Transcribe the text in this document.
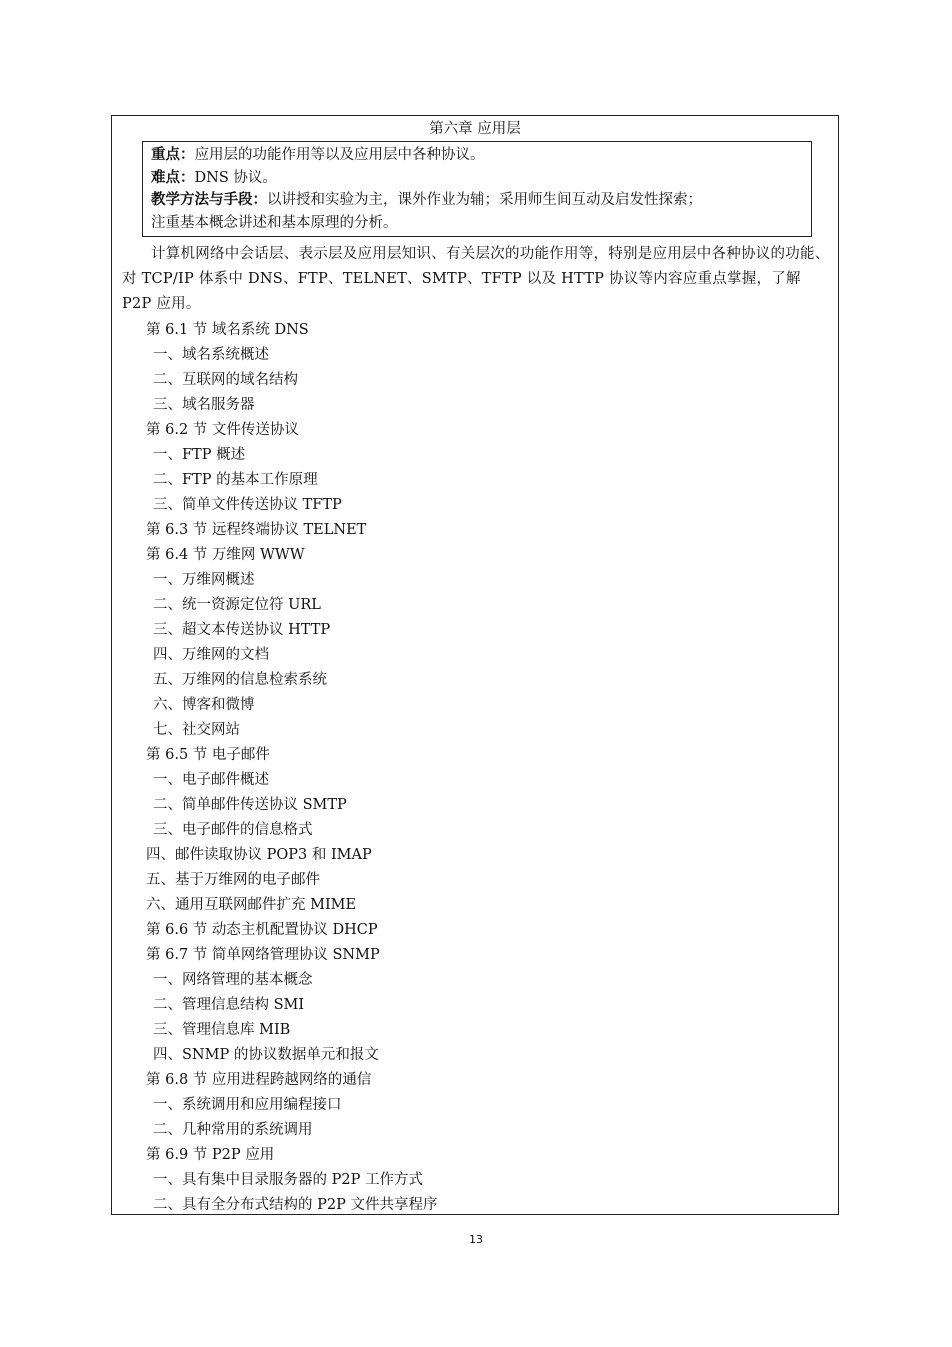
第六章 应用层
重点：应用层的功能作用等以及应用层中各种协议。
难点：DNS 协议。
教学方法与手段：以讲授和实验为主，课外作业为辅；采用师生间互动及启发性探索；
注重基本概念讲述和基本原理的分析。
计算机网络中会话层、表示层及应用层知识、有关层次的功能作用等，特别是应用层中各种协议的功能、对 TCP/IP 体系中 DNS、FTP、TELNET、SMTP、TFTP 以及 HTTP 协议等内容应重点掌握，了解 P2P 应用。
第 6.1 节 域名系统 DNS
一、域名系统概述
二、互联网的域名结构
三、域名服务器
第 6.2 节 文件传送协议
一、FTP 概述
二、FTP 的基本工作原理
三、简单文件传送协议 TFTP
第 6.3 节 远程终端协议 TELNET
第 6.4 节 万维网 WWW
一、万维网概述
二、统一资源定位符 URL
三、超文本传送协议 HTTP
四、万维网的文档
五、万维网的信息检索系统
六、博客和微博
七、社交网站
第 6.5 节 电子邮件
一、电子邮件概述
二、简单邮件传送协议 SMTP
三、电子邮件的信息格式
四、邮件读取协议 POP3 和 IMAP
五、基于万维网的电子邮件
六、通用互联网邮件扩充 MIME
第 6.6 节 动态主机配置协议 DHCP
第 6.7 节 简单网络管理协议 SNMP
一、网络管理的基本概念
二、管理信息结构 SMI
三、管理信息库 MIB
四、SNMP 的协议数据单元和报文
第 6.8 节 应用进程跨越网络的通信
一、系统调用和应用编程接口
二、几种常用的系统调用
第 6.9 节 P2P 应用
一、具有集中目录服务器的 P2P 工作方式
二、具有全分布式结构的 P2P 文件共享程序
13
